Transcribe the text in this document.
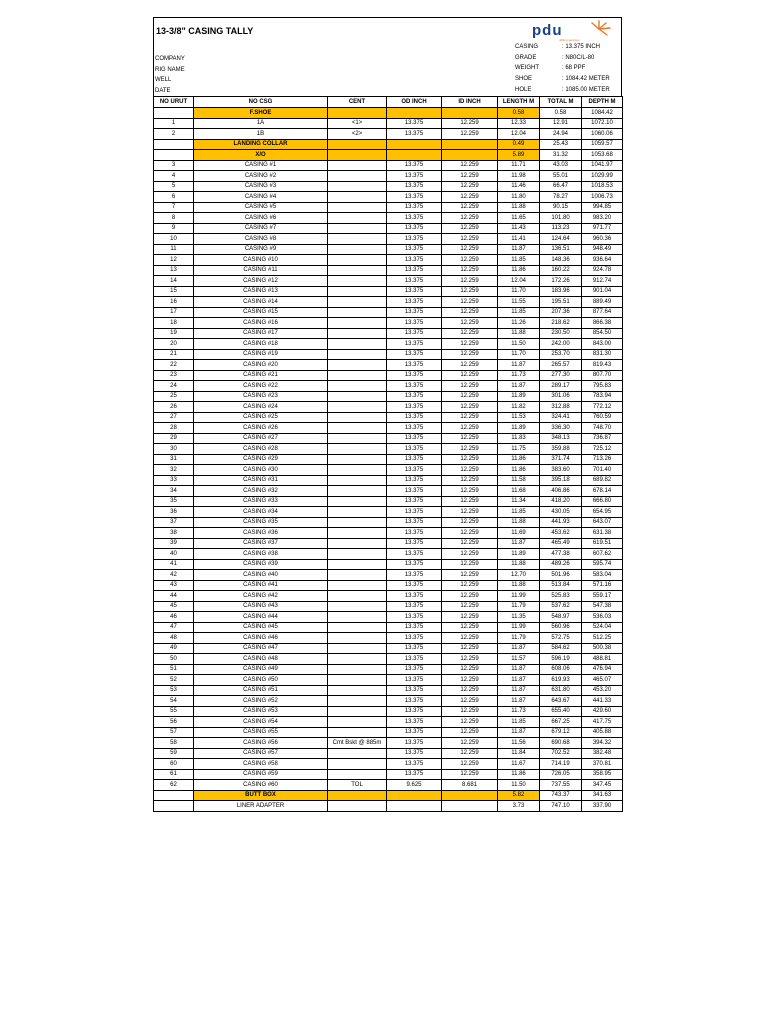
13-3/8" CASING TALLY	pdu
drilling services
COMPANY
RIG NAME
WELL
DATE
CASING	: 13.375 INCH
GRADE	: N80C/L-80
WEIGHT	: 68 PPF
SHOE	: 1084.42 METER
HOLE	: 1085.00 METER
NO URUT	NO CSG	CENT	OD INCH	ID INCH	LENGTH M	TOTAL M	DEPTH M
	F.SHOE				0.58	0.58	1084.42
1	1A	<1>	13.375	12.259	12.33	12.91	1072.10
2	1B	<2>	13.375	12.259	12.04	24.94	1060.06
	LANDING COLLAR				0.49	25.43	1059.57
	X/O				5.89	31.32	1053.68
3	CASING #1		13.375	12.259	11.71	43.03	1041.97
4	CASING #2		13.375	12.259	11.98	55.01	1029.99
5	CASING #3		13.375	12.259	11.46	66.47	1018.53
6	CASING #4		13.375	12.259	11.80	78.27	1006.73
7	CASING #5		13.375	12.259	11.88	90.15	994.85
8	CASING #6		13.375	12.259	11.65	101.80	983.20
9	CASING #7		13.375	12.259	11.43	113.23	971.77
10	CASING #8		13.375	12.259	11.41	124.64	960.36
11	CASING #9		13.375	12.259	11.87	136.51	948.49
12	CASING #10		13.375	12.259	11.85	148.36	936.64
13	CASING #11		13.375	12.259	11.86	160.22	924.78
14	CASING #12		13.375	12.259	12.04	172.26	912.74
15	CASING #13		13.375	12.259	11.70	183.96	901.04
16	CASING #14		13.375	12.259	11.55	195.51	889.49
17	CASING #15		13.375	12.259	11.85	207.36	877.64
18	CASING #16		13.375	12.259	11.26	218.62	866.38
19	CASING #17		13.375	12.259	11.88	230.50	854.50
20	CASING #18		13.375	12.259	11.50	242.00	843.00
21	CASING #19		13.375	12.259	11.70	253.70	831.30
22	CASING #20		13.375	12.259	11.87	265.57	819.43
23	CASING #21		13.375	12.259	11.73	277.30	807.70
24	CASING #22		13.375	12.259	11.87	289.17	795.83
25	CASING #23		13.375	12.259	11.89	301.06	783.94
26	CASING #24		13.375	12.259	11.82	312.88	772.12
27	CASING #25		13.375	12.259	11.53	324.41	760.59
28	CASING #26		13.375	12.259	11.89	336.30	748.70
29	CASING #27		13.375	12.259	11.83	348.13	736.87
30	CASING #28		13.375	12.259	11.75	359.88	725.12
31	CASING #29		13.375	12.259	11.86	371.74	713.26
32	CASING #30		13.375	12.259	11.86	383.60	701.40
33	CASING #31		13.375	12.259	11.58	395.18	689.82
34	CASING #32		13.375	12.259	11.68	406.86	678.14
35	CASING #33		13.375	12.259	11.34	418.20	666.80
36	CASING #34		13.375	12.259	11.85	430.05	654.95
37	CASING #35		13.375	12.259	11.88	441.93	643.07
38	CASING #36		13.375	12.259	11.69	453.62	631.38
39	CASING #37		13.375	12.259	11.87	465.49	619.51
40	CASING #38		13.375	12.259	11.89	477.38	607.62
41	CASING #39		13.375	12.259	11.88	489.26	595.74
42	CASING #40		13.375	12.259	12.70	501.96	583.04
43	CASING #41		13.375	12.259	11.88	513.84	571.16
44	CASING #42		13.375	12.259	11.99	525.83	559.17
45	CASING #43		13.375	12.259	11.79	537.62	547.38
46	CASING #44		13.375	12.259	11.35	548.97	536.03
47	CASING #45		13.375	12.259	11.99	560.96	524.04
48	CASING #46		13.375	12.259	11.79	572.75	512.25
49	CASING #47		13.375	12.259	11.87	584.62	500.38
50	CASING #48		13.375	12.259	11.57	596.19	488.81
51	CASING #49		13.375	12.259	11.87	608.06	476.94
52	CASING #50		13.375	12.259	11.87	619.93	465.07
53	CASING #51		13.375	12.259	11.87	631.80	453.20
54	CASING #52		13.375	12.259	11.87	643.67	441.33
55	CASING #53		13.375	12.259	11.73	655.40	429.60
56	CASING #54		13.375	12.259	11.85	667.25	417.75
57	CASING #55		13.375	12.259	11.87	679.12	405.88
58	CASING #56	Cmt Bskt @ 885m	13.375	12.259	11.56	690.68	394.32
59	CASING #57		13.375	12.259	11.84	702.52	382.48
60	CASING #58		13.375	12.259	11.67	714.19	370.81
61	CASING #59		13.375	12.259	11.86	726.05	358.95
62	CASING #60	TOL	9.625	8.681	11.50	737.55	347.45
	BUTT BOX				5.82	743.37	341.63
	LINER ADAPTER				3.73	747.10	337.90
